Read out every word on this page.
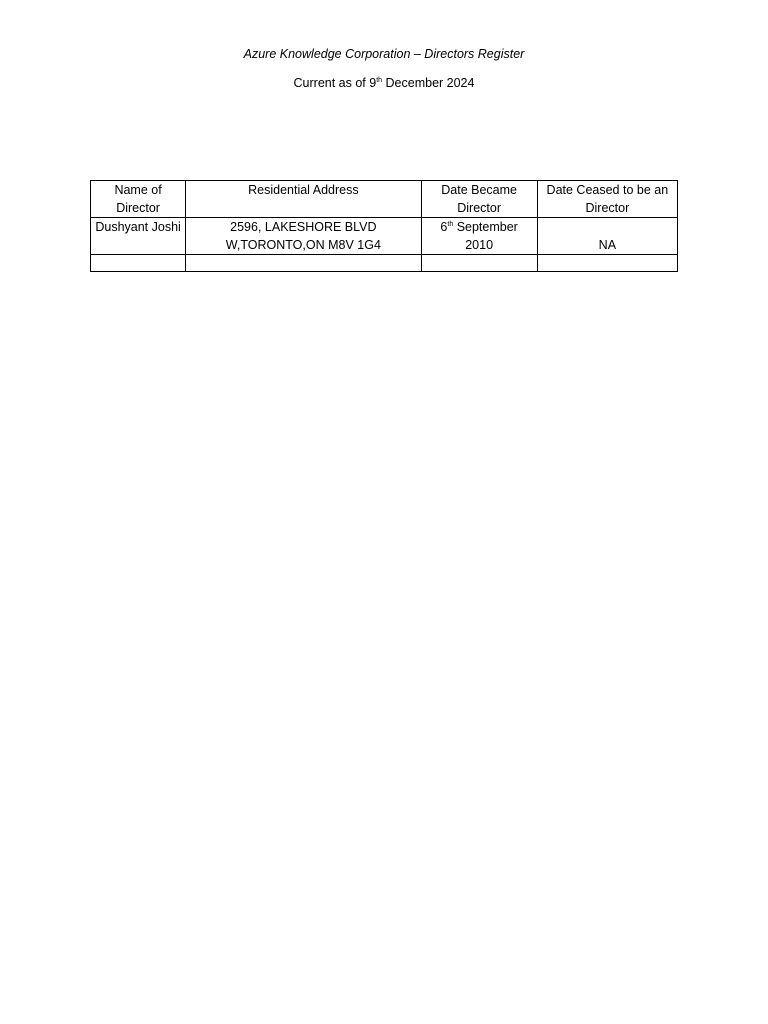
Azure Knowledge Corporation – Directors Register
Current as of 9th December 2024
Name of Director	Residential Address	Date Became Director	Date Ceased to be an Director
Dushyant Joshi	2596, LAKESHORE BLVD W,TORONTO,ON M8V 1G4	6th September 2010	NA
